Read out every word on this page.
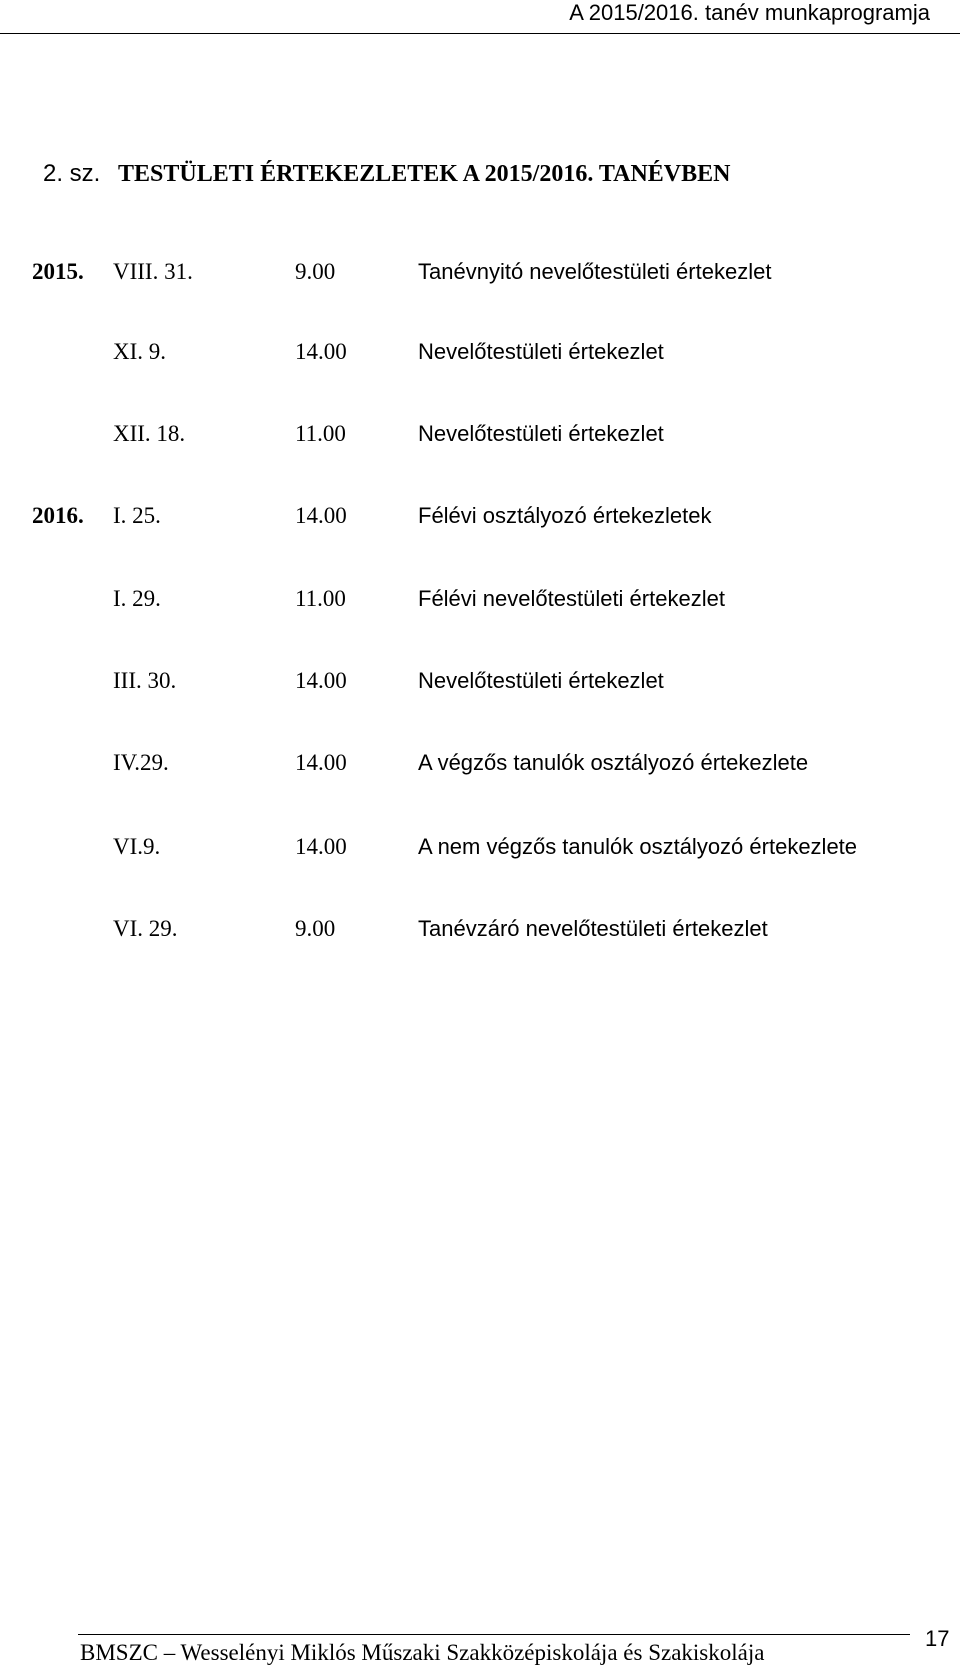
A 2015/2016. tanév munkaprogramja
2. sz. TESTÜLETI ÉRTEKEZLETEK A 2015/2016. TANÉVBEN
2015. VIII. 31.	9.00	Tanévnyitó nevelőtestületi értekezlet
XI. 9.	14.00	Nevelőtestületi értekezlet
XII. 18.	11.00	Nevelőtestületi értekezlet
2016. I. 25.	14.00	Félévi osztályozó értekezletek
I. 29.	11.00	Félévi nevelőtestületi értekezlet
III. 30.	14.00	Nevelőtestületi értekezlet
IV.29.	14.00	A végzős tanulók osztályozó értekezlete
VI.9.	14.00	A nem végzős tanulók osztályozó értekezlete
VI. 29.	9.00	Tanévzáró nevelőtestületi értekezlet
BMSZC – Wesselényi Miklós Műszaki Szakközépiskolája és Szakiskolája
17
